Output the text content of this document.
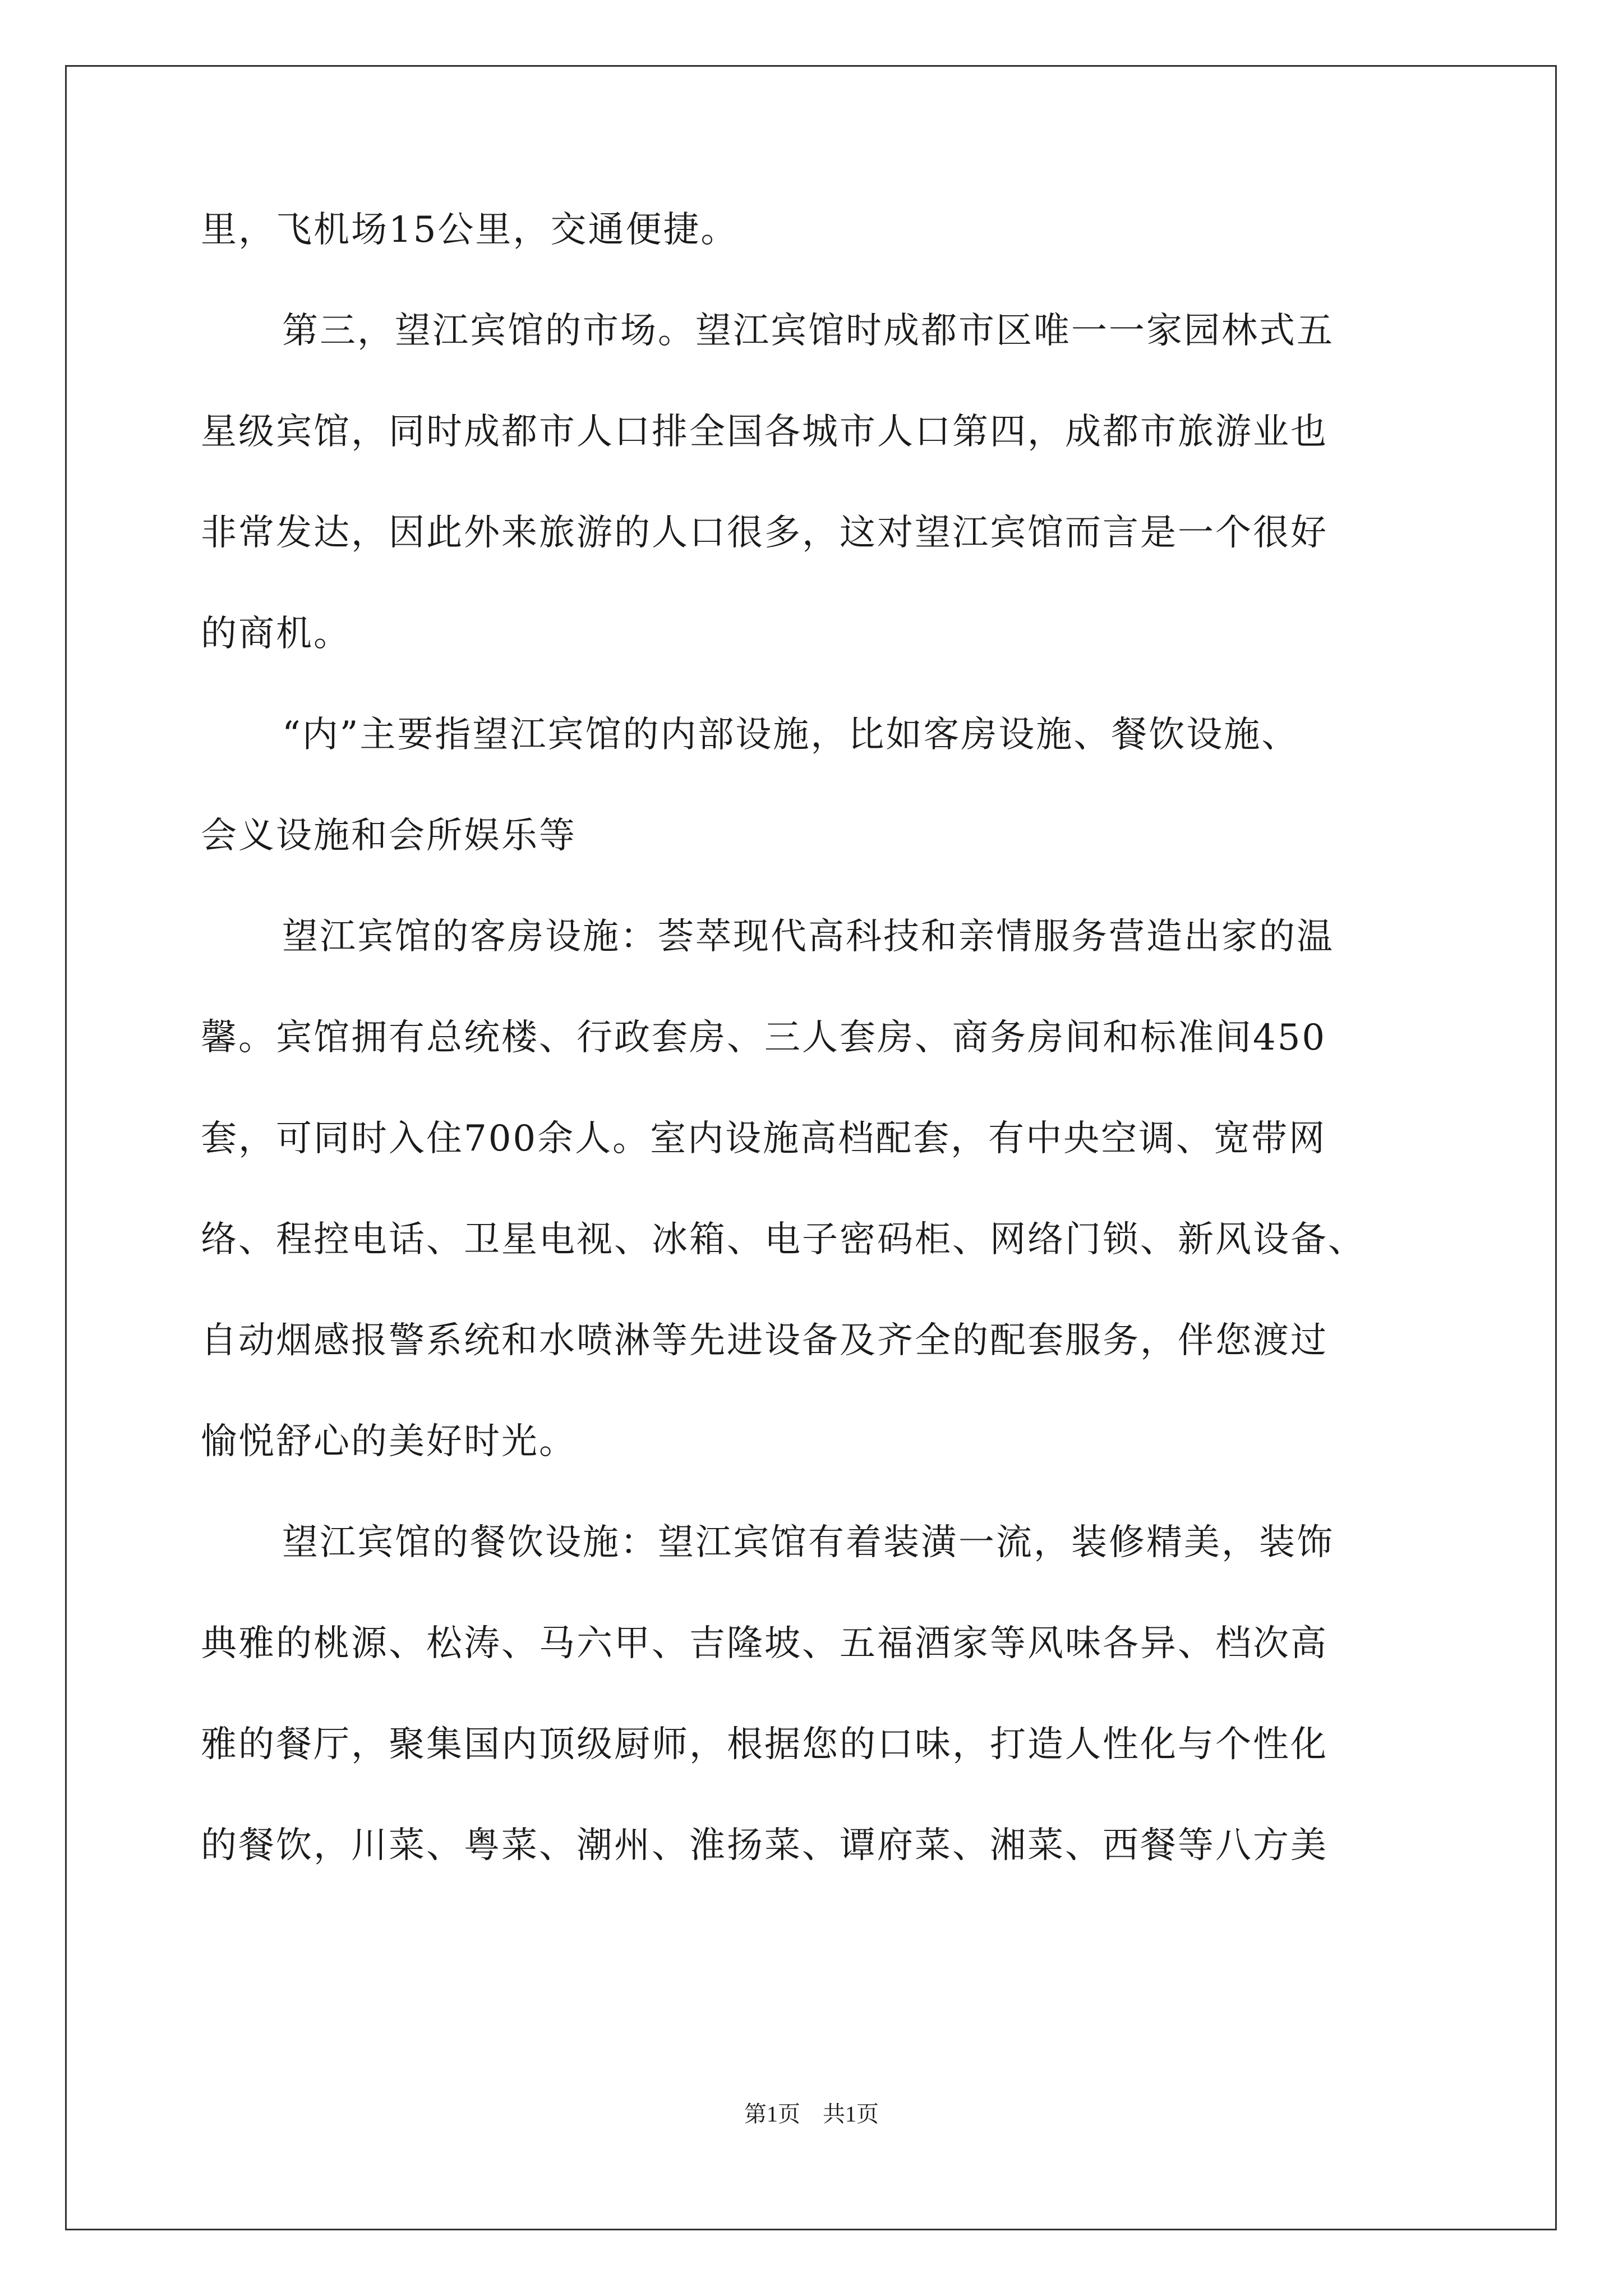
里，飞机场15公里，交通便捷。
第三，望江宾馆的市场。望江宾馆时成都市区唯一一家园林式五
星级宾馆，同时成都市人口排全国各城市人口第四，成都市旅游业也
非常发达，因此外来旅游的人口很多，这对望江宾馆而言是一个很好
的商机。
“内”主要指望江宾馆的内部设施，比如客房设施、餐饮设施、
会义设施和会所娱乐等
望江宾馆的客房设施：荟萃现代高科技和亲情服务营造出家的温
馨。宾馆拥有总统楼、行政套房、三人套房、商务房间和标准间450
套，可同时入住700余人。室内设施高档配套，有中央空调、宽带网
络、程控电话、卫星电视、冰箱、电子密码柜、网络门锁、新风设备、
自动烟感报警系统和水喷淋等先进设备及齐全的配套服务，伴您渡过
愉悦舒心的美好时光。
望江宾馆的餐饮设施：望江宾馆有着装潢一流，装修精美，装饰
典雅的桃源、松涛、马六甲、吉隆坡、五福酒家等风味各异、档次高
雅的餐厅，聚集国内顶级厨师，根据您的口味，打造人性化与个性化
的餐饮，川菜、粤菜、潮州、淮扬菜、谭府菜、湘菜、西餐等八方美
第1页 共1页
